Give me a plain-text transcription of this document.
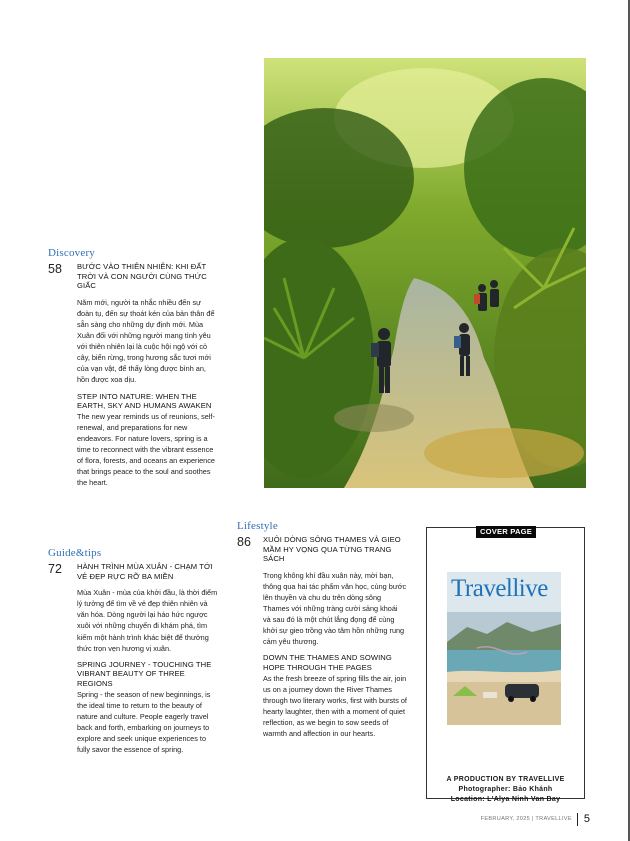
Discovery
58	BƯỚC VÀO THIÊN NHIÊN: KHI ĐẤT TRỜI VÀ CON NGƯỜI CÙNG THỨC GIẤC
Năm mới, người ta nhắc nhiều đến sự đoàn tụ, đến sự thoát kén của bản thân để sẵn sàng cho những dự định mới. Mùa Xuân đối với những người mang tình yêu với thiên nhiên lại là cuộc hội ngộ với cỏ cây, biển rừng, trong hương sắc tươi mới của vạn vật, để thấy lòng được bình an, hồn được xoa dịu.
STEP INTO NATURE: WHEN THE EARTH, SKY AND HUMANS AWAKEN
The new year reminds us of reunions, self-renewal, and preparations for new endeavors. For nature lovers, spring is a time to reconnect with the vibrant essence of flora, forests, and oceans an experience that brings peace to the soul and soothes the heart.
Guide&tips
72	HÀNH TRÌNH MÙA XUÂN - CHẠM TỚI VẺ ĐẸP RỰC RỠ BA MIỀN
Mùa Xuân - mùa của khởi đầu, là thời điểm lý tưởng để tìm về vẻ đẹp thiên nhiên và văn hóa. Dòng người lại háo hức ngược xuôi với những chuyến đi khám phá, tìm kiếm một hành trình khác biệt để thưởng thức trọn vẹn hương vị xuân.
SPRING JOURNEY - TOUCHING THE VIBRANT BEAUTY OF THREE REGIONS
Spring - the season of new beginnings, is the ideal time to return to the beauty of nature and culture. People eagerly travel back and forth, embarking on journeys to explore and seek unique experiences to fully savor the essence of spring.
Lifestyle
86	XUÔI DÒNG SÔNG THAMES VÀ GIEO MẦM HY VỌNG QUA TỪNG TRANG SÁCH
Trong không khí đầu xuân này, mời bạn, thông qua hai tác phẩm văn học, cùng bước lên thuyền và chu du trên dòng sông Thames với những tràng cười sảng khoái và sau đó là một chút lắng đọng để cùng khởi sự gieo trồng vào tâm hồn những rung cảm yêu thương.
DOWN THE THAMES AND SOWING HOPE THROUGH THE PAGES
As the fresh breeze of spring fills the air, join us on a journey down the River Thames through two literary works, first with bursts of hearty laughter, then with a moment of quiet reflection, as we begin to sow seeds of warmth and affection in our hearts.
COVER PAGE
Travellive
A PRODUCTION BY TRAVELLIVE
Photographer: Bảo Khánh
Location: L'Alya Ninh Van Bay
FEBRUARY, 2025 | TRAVELLIVE 5
